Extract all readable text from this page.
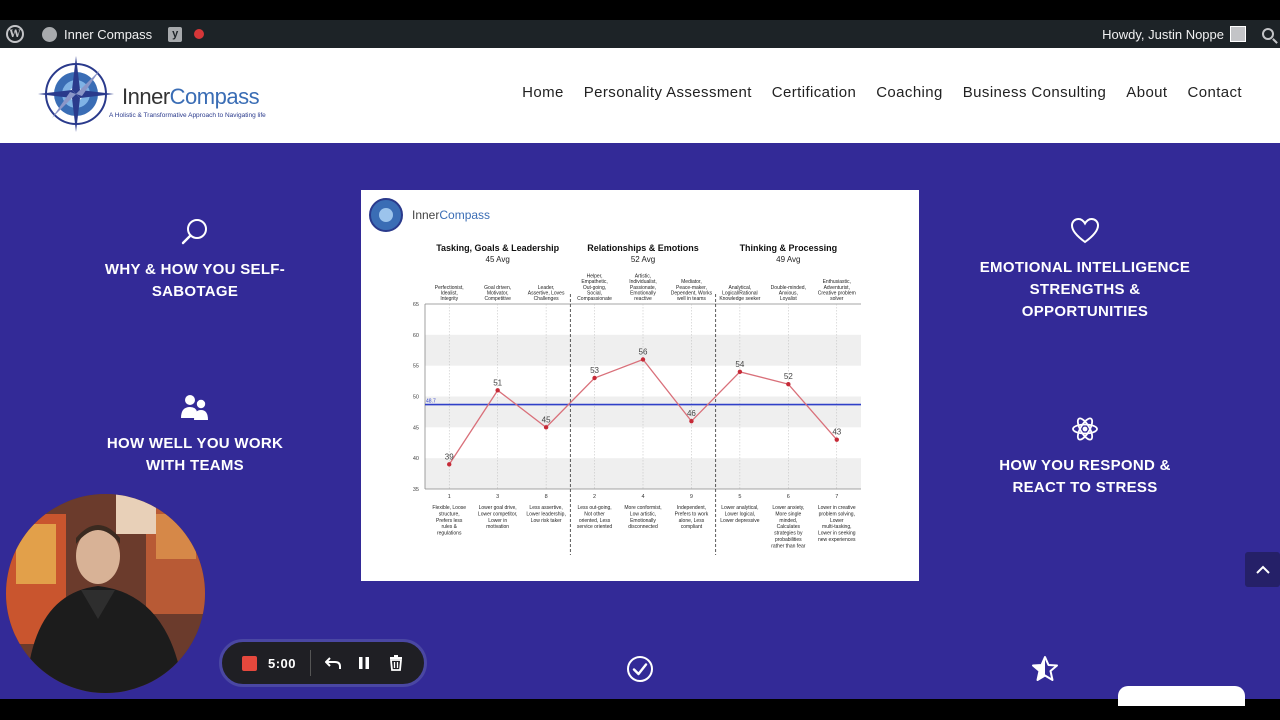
W	Inner Compass	y	Howdy, Justin Noppe
InnerCompass
A Holistic & Transformative Approach to Navigating life
Home Personality Assessment Certification Coaching Business Consulting About Contact
WHY & HOW YOU SELF-SABOTAGE
HOW WELL YOU WORK WITH TEAMS
EMOTIONAL INTELLIGENCE STRENGTHS & OPPORTUNITIES
HOW YOU RESPOND & REACT TO STRESS
InnerCompass
Tasking, Goals & Leadership
45 Avg
Relationships & Emotions
52 Avg
Thinking & Processing
49 Avg
35
40
45
50
55
60
65
48.7
39
51
45
53
56
46
54
52
43
1	3	8	2	4	9	5	6	7
Perfectionist, Idealist, Integrity
Goal driven, Motivator, Competitive
Leader, Assertive, Loves Challenges
Helper, Empathetic, Out-going, Social, Compassionate
Artistic, Individualist, Passionate, Emotionally reactive
Mediator, Peace-maker, Dependent, Works well in teams
Analytical, Logical/Rational Knowledge seeker
Double-minded, Anxious, Loyalist
Enthusiastic, Adventurist, Creative problem solver
Flexible, Loose structure, Prefers less rules & regulations
Lower goal drive, Lower competitor, Lower in motivation
Less assertive, Lower leadership, Low risk taker
Less out-going, Not other oriented, Less service oriented
More conformist, Low artistic, Emotionally disconnected
Independent, Prefers to work alone, Less compliant
Lower analytical, Lower logical, Lower depressive
Lower anxiety, More single minded, Calculates strategies by probabilities rather than fear
Lower in creative problem solving, Lower multi-tasking, Lower in seeking new experiences
5:00
